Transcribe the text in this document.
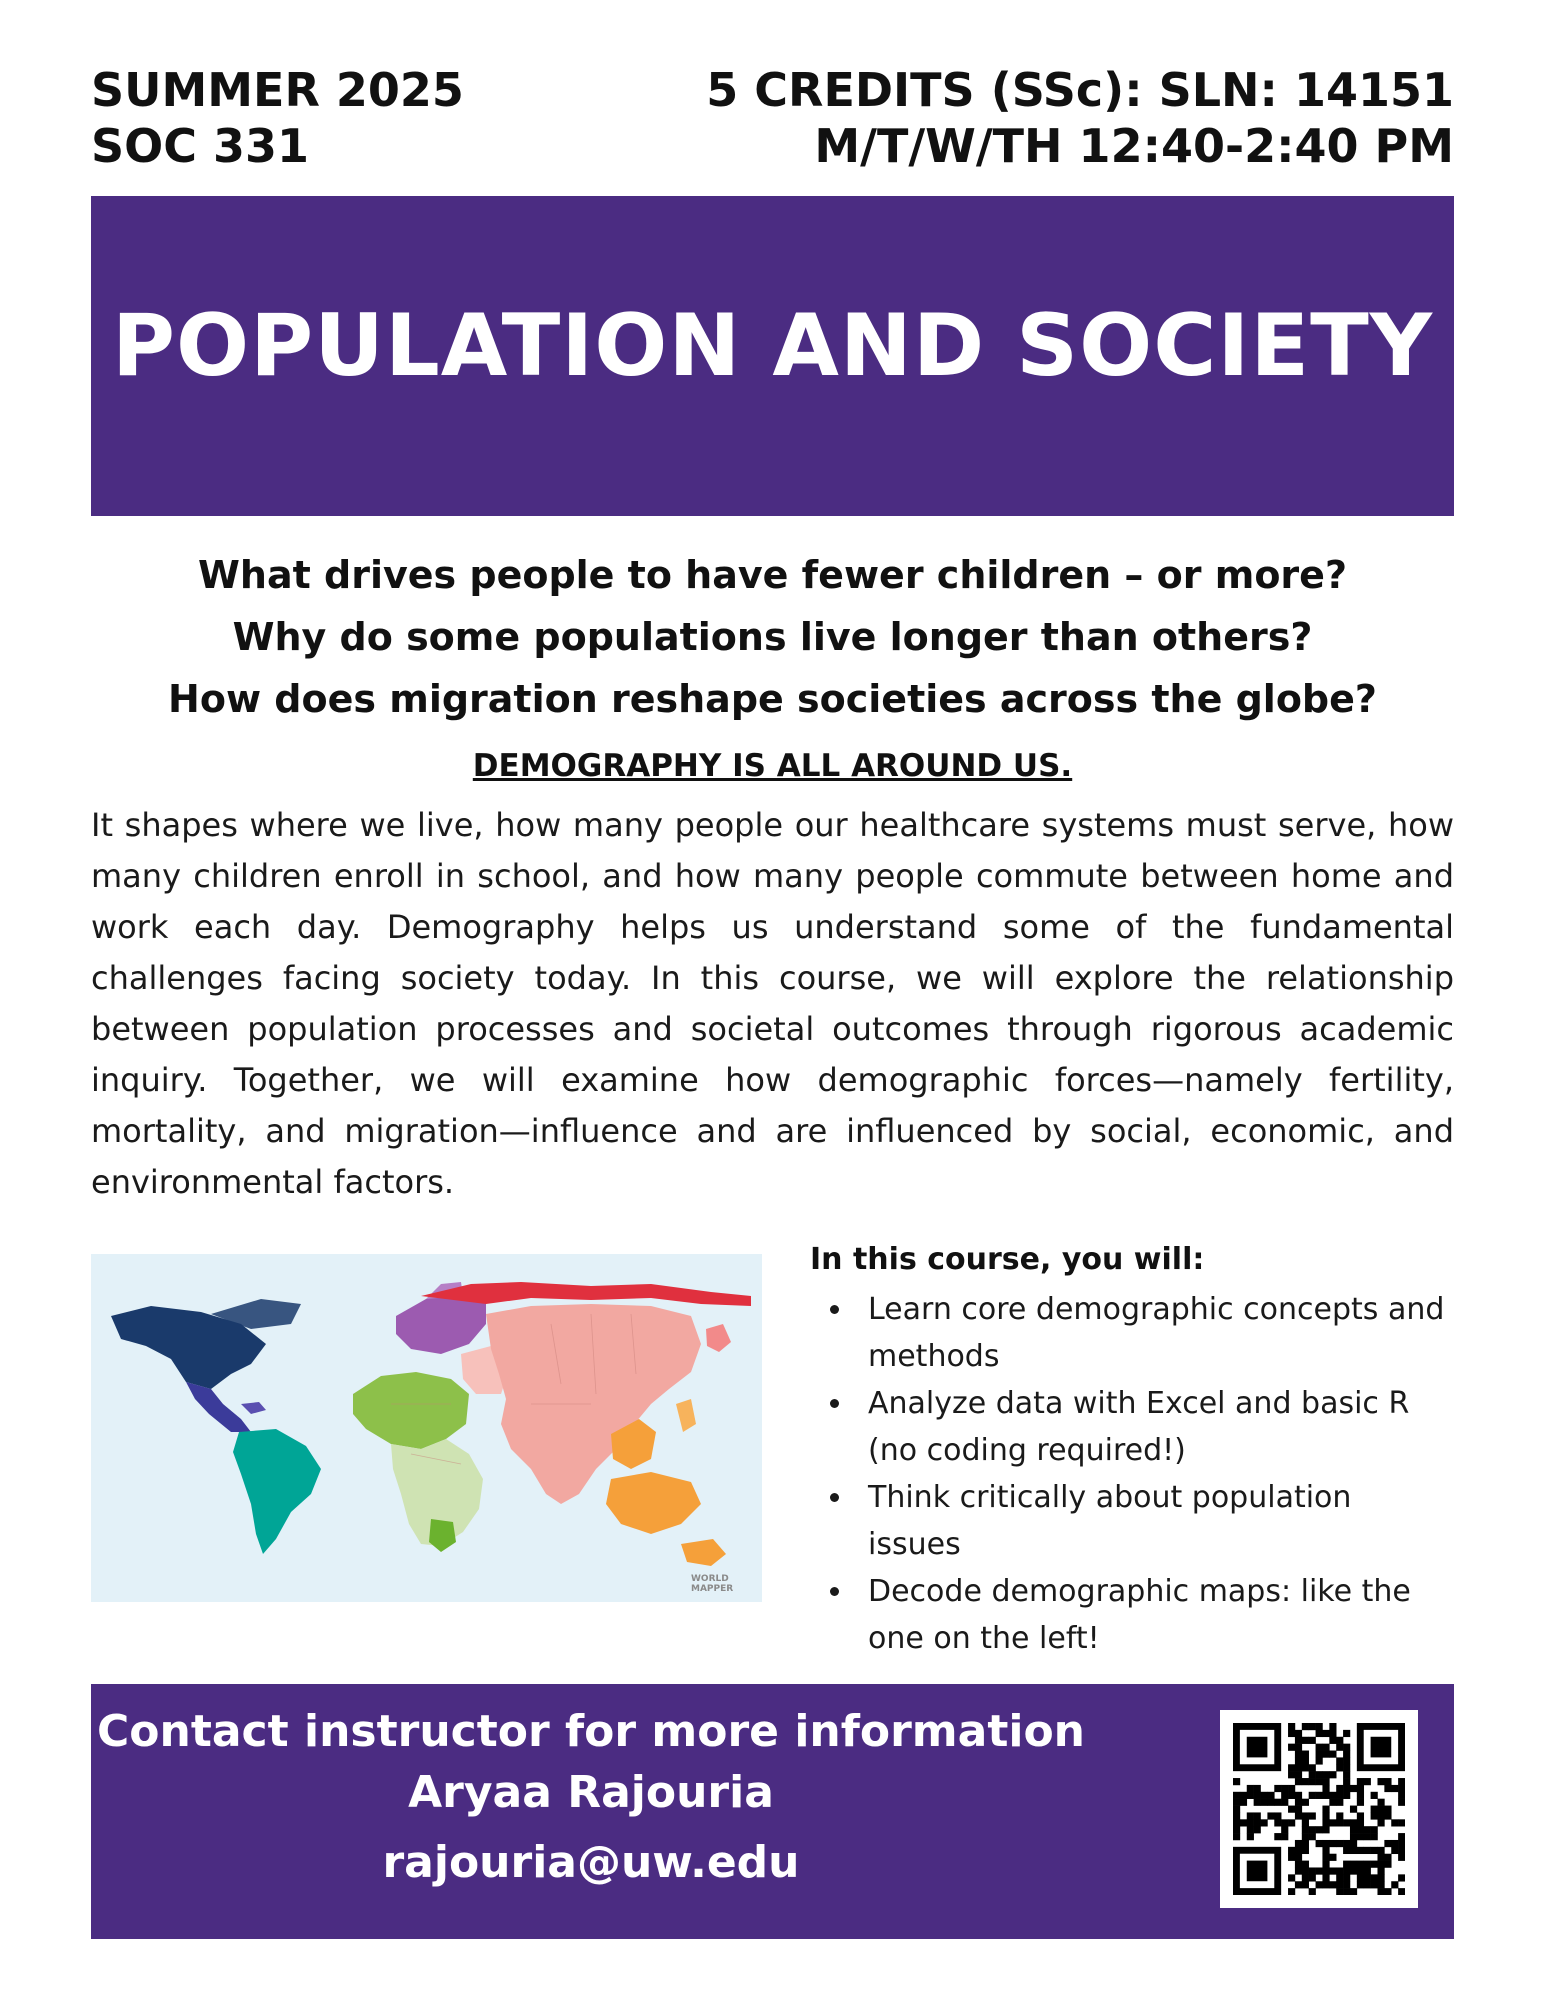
SUMMER 2025
SOC 331
5 CREDITS (SSc): SLN: 14151
M/T/W/TH 12:40-2:40 PM
POPULATION AND SOCIETY
What drives people to have fewer children – or more?
Why do some populations live longer than others?
How does migration reshape societies across the globe?
DEMOGRAPHY IS ALL AROUND US.
It shapes where we live, how many people our healthcare systems must serve, how many children enroll in school, and how many people commute between home and work each day. Demography helps us understand some of the fundamental challenges facing society today. In this course, we will explore the relationship between population processes and societal outcomes through rigorous academic inquiry. Together, we will examine how demographic forces—namely fertility, mortality, and migration—influence and are influenced by social, economic, and environmental factors.
WORLD
MAPPER
In this course, you will:
Learn core demographic concepts and methods
Analyze data with Excel and basic R (no coding required!)
Think critically about population issues
Decode demographic maps: like the one on the left!
Contact instructor for more information
Aryaa Rajouria
rajouria@uw.edu
